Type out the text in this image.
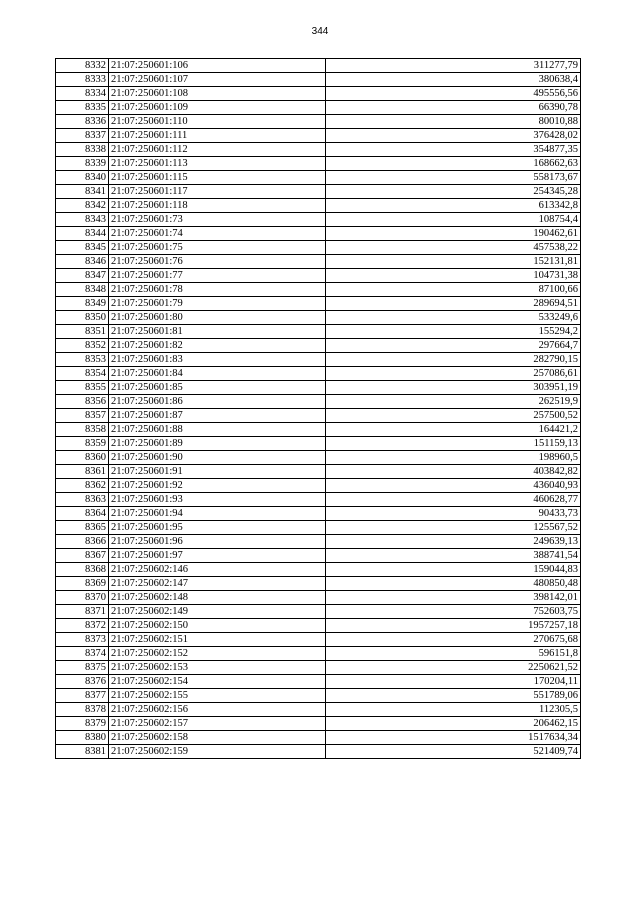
344
8332	21:07:250601:106	311277,79
8333	21:07:250601:107	380638,4
8334	21:07:250601:108	495556,56
8335	21:07:250601:109	66390,78
8336	21:07:250601:110	80010,88
8337	21:07:250601:111	376428,02
8338	21:07:250601:112	354877,35
8339	21:07:250601:113	168662,63
8340	21:07:250601:115	558173,67
8341	21:07:250601:117	254345,28
8342	21:07:250601:118	613342,8
8343	21:07:250601:73	108754,4
8344	21:07:250601:74	190462,61
8345	21:07:250601:75	457538,22
8346	21:07:250601:76	152131,81
8347	21:07:250601:77	104731,38
8348	21:07:250601:78	87100,66
8349	21:07:250601:79	289694,51
8350	21:07:250601:80	533249,6
8351	21:07:250601:81	155294,2
8352	21:07:250601:82	297664,7
8353	21:07:250601:83	282790,15
8354	21:07:250601:84	257086,61
8355	21:07:250601:85	303951,19
8356	21:07:250601:86	262519,9
8357	21:07:250601:87	257500,52
8358	21:07:250601:88	164421,2
8359	21:07:250601:89	151159,13
8360	21:07:250601:90	198960,5
8361	21:07:250601:91	403842,82
8362	21:07:250601:92	436040,93
8363	21:07:250601:93	460628,77
8364	21:07:250601:94	90433,73
8365	21:07:250601:95	125567,52
8366	21:07:250601:96	249639,13
8367	21:07:250601:97	388741,54
8368	21:07:250602:146	159044,83
8369	21:07:250602:147	480850,48
8370	21:07:250602:148	398142,01
8371	21:07:250602:149	752603,75
8372	21:07:250602:150	1957257,18
8373	21:07:250602:151	270675,68
8374	21:07:250602:152	596151,8
8375	21:07:250602:153	2250621,52
8376	21:07:250602:154	170204,11
8377	21:07:250602:155	551789,06
8378	21:07:250602:156	112305,5
8379	21:07:250602:157	206462,15
8380	21:07:250602:158	1517634,34
8381	21:07:250602:159	521409,74
